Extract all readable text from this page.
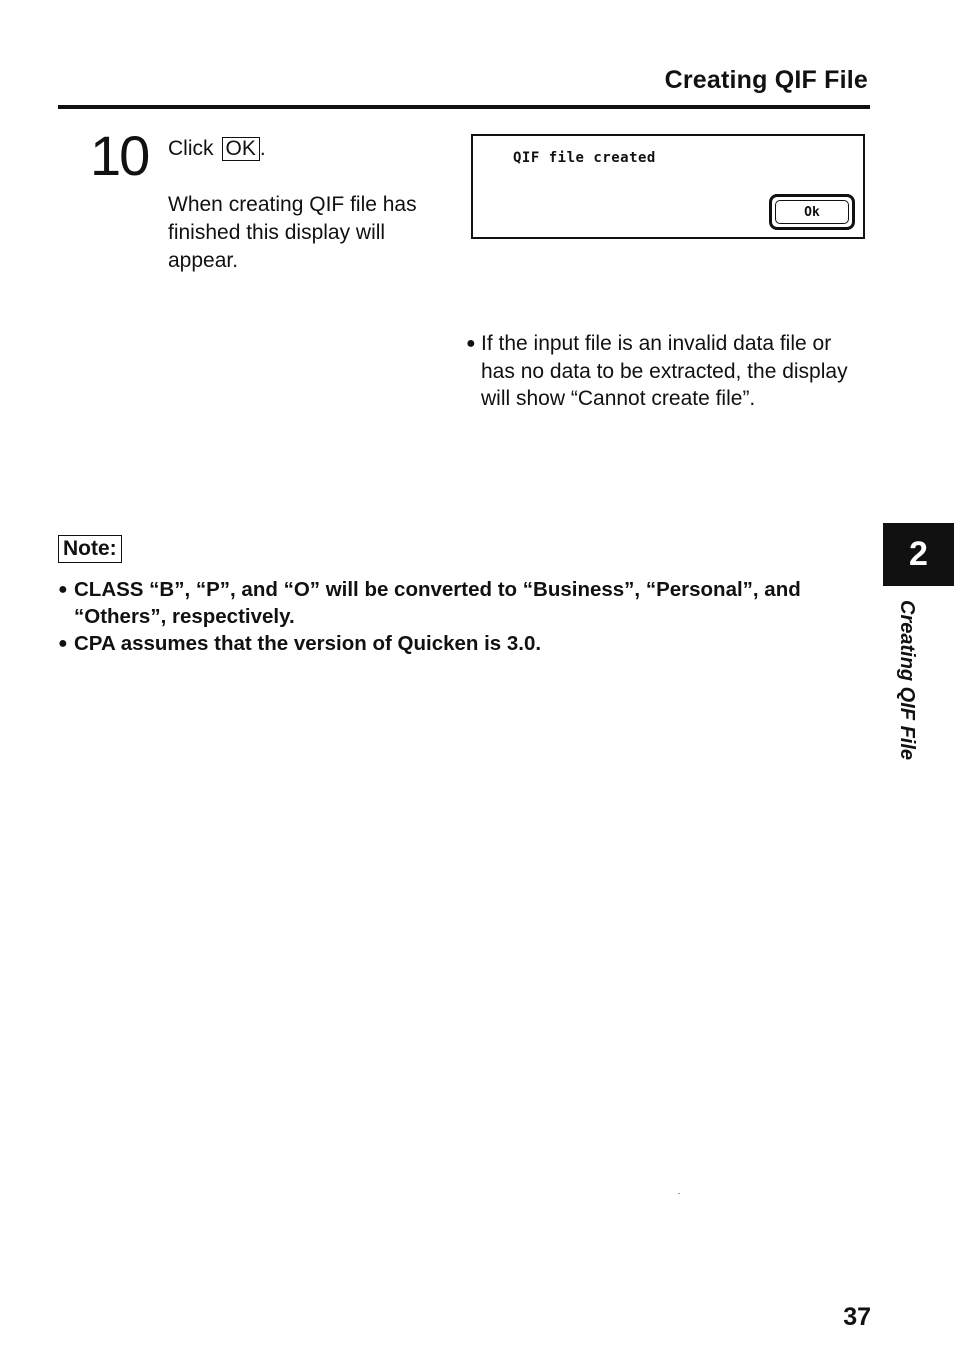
Creating QIF File
10 Click OK .
When creating QIF file has finished this display will appear.
QIF file created
Ok
● If the input file is an invalid data file or has no data to be extracted, the display will show “Cannot create file”.
Note:
● CLASS “B”, “P”, and “O” will be converted to “Business”, “Personal”, and “Others”, respectively.
● CPA assumes that the version of Quicken is 3.0.
2
Creating QIF File
37
